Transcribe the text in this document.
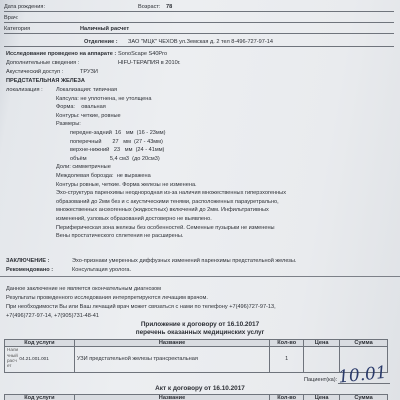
Дата рождения:	Возраст: 78
Врач:
Категория	Наличный расчет
Отделение : ЗАО "МЦК" ЧЕХОВ ул.Земская д. 2 тел 8-496-727-97-14
Исследование проведено на аппарате : SonoScape S40Pro
Дополнительные сведения :	HIFU-ТЕРАПИЯ в 2010г.
Акустический доступ :	ТРУЗИ
ПРЕДСТАТЕЛЬНАЯ ЖЕЛЕЗА
локализация : Локализация: типичная
Капсула: не уплотнена, не утолщена
Форма:    овальная
Контуры: четкие, ровные
Размеры:
передне-задний  16   мм  (16 - 23мм)
поперечный       27   мм  (27 - 43мм)
верхне-нижний   23   мм  (24 - 41мм)
объём               5,4 см3  (до 20см3)
Доли: симметричные
Междолевая борозда:  не выражена
Контуры ровные, четкие. Форма железы не изменена.
Эхо-структура паренхимы неоднородная из-за наличия множественных гиперэхогенных
образований до 2мм без и с акустическими тенями, расположенных парауретрально,
множественных анэхогенных (жидкостных) включений до 2мм. Инфильтративных
изменений, узловых образований достоверно не выявлено.
Периферическая зона железы без особенностей. Семенные пузырьки не изменены
Вены простатического сплетения не расширены.
ЗАКЛЮЧЕНИЕ :	Эхо-признаки умеренных диффузных изменений паренхимы предстательной железы.
Рекомендовано :	Консультация уролога.
Данное заключение не является окончательным диагнозом
Результаты проведенного исследования интерпретируются лечащим врачом.
При необходимости Вы или Ваш лечащий врач может связаться с нами по телефону +7(496)727-97-13,
+7(496)727-97-14, +7(905)731-48-41
Приложение к договору от 16.10.2017
перечень оказанных медицинских услуг
Код услуги	Название	Кол-во	Цена	Сумма
Нали
чный
расч
ет 04.21.001.001	УЗИ предстательной железы трансректальная	1		
Пациент(ка): 10.01
Акт к договору от 16.10.2017
Код услуги	Название	Кол-во	Цена	Сумма
